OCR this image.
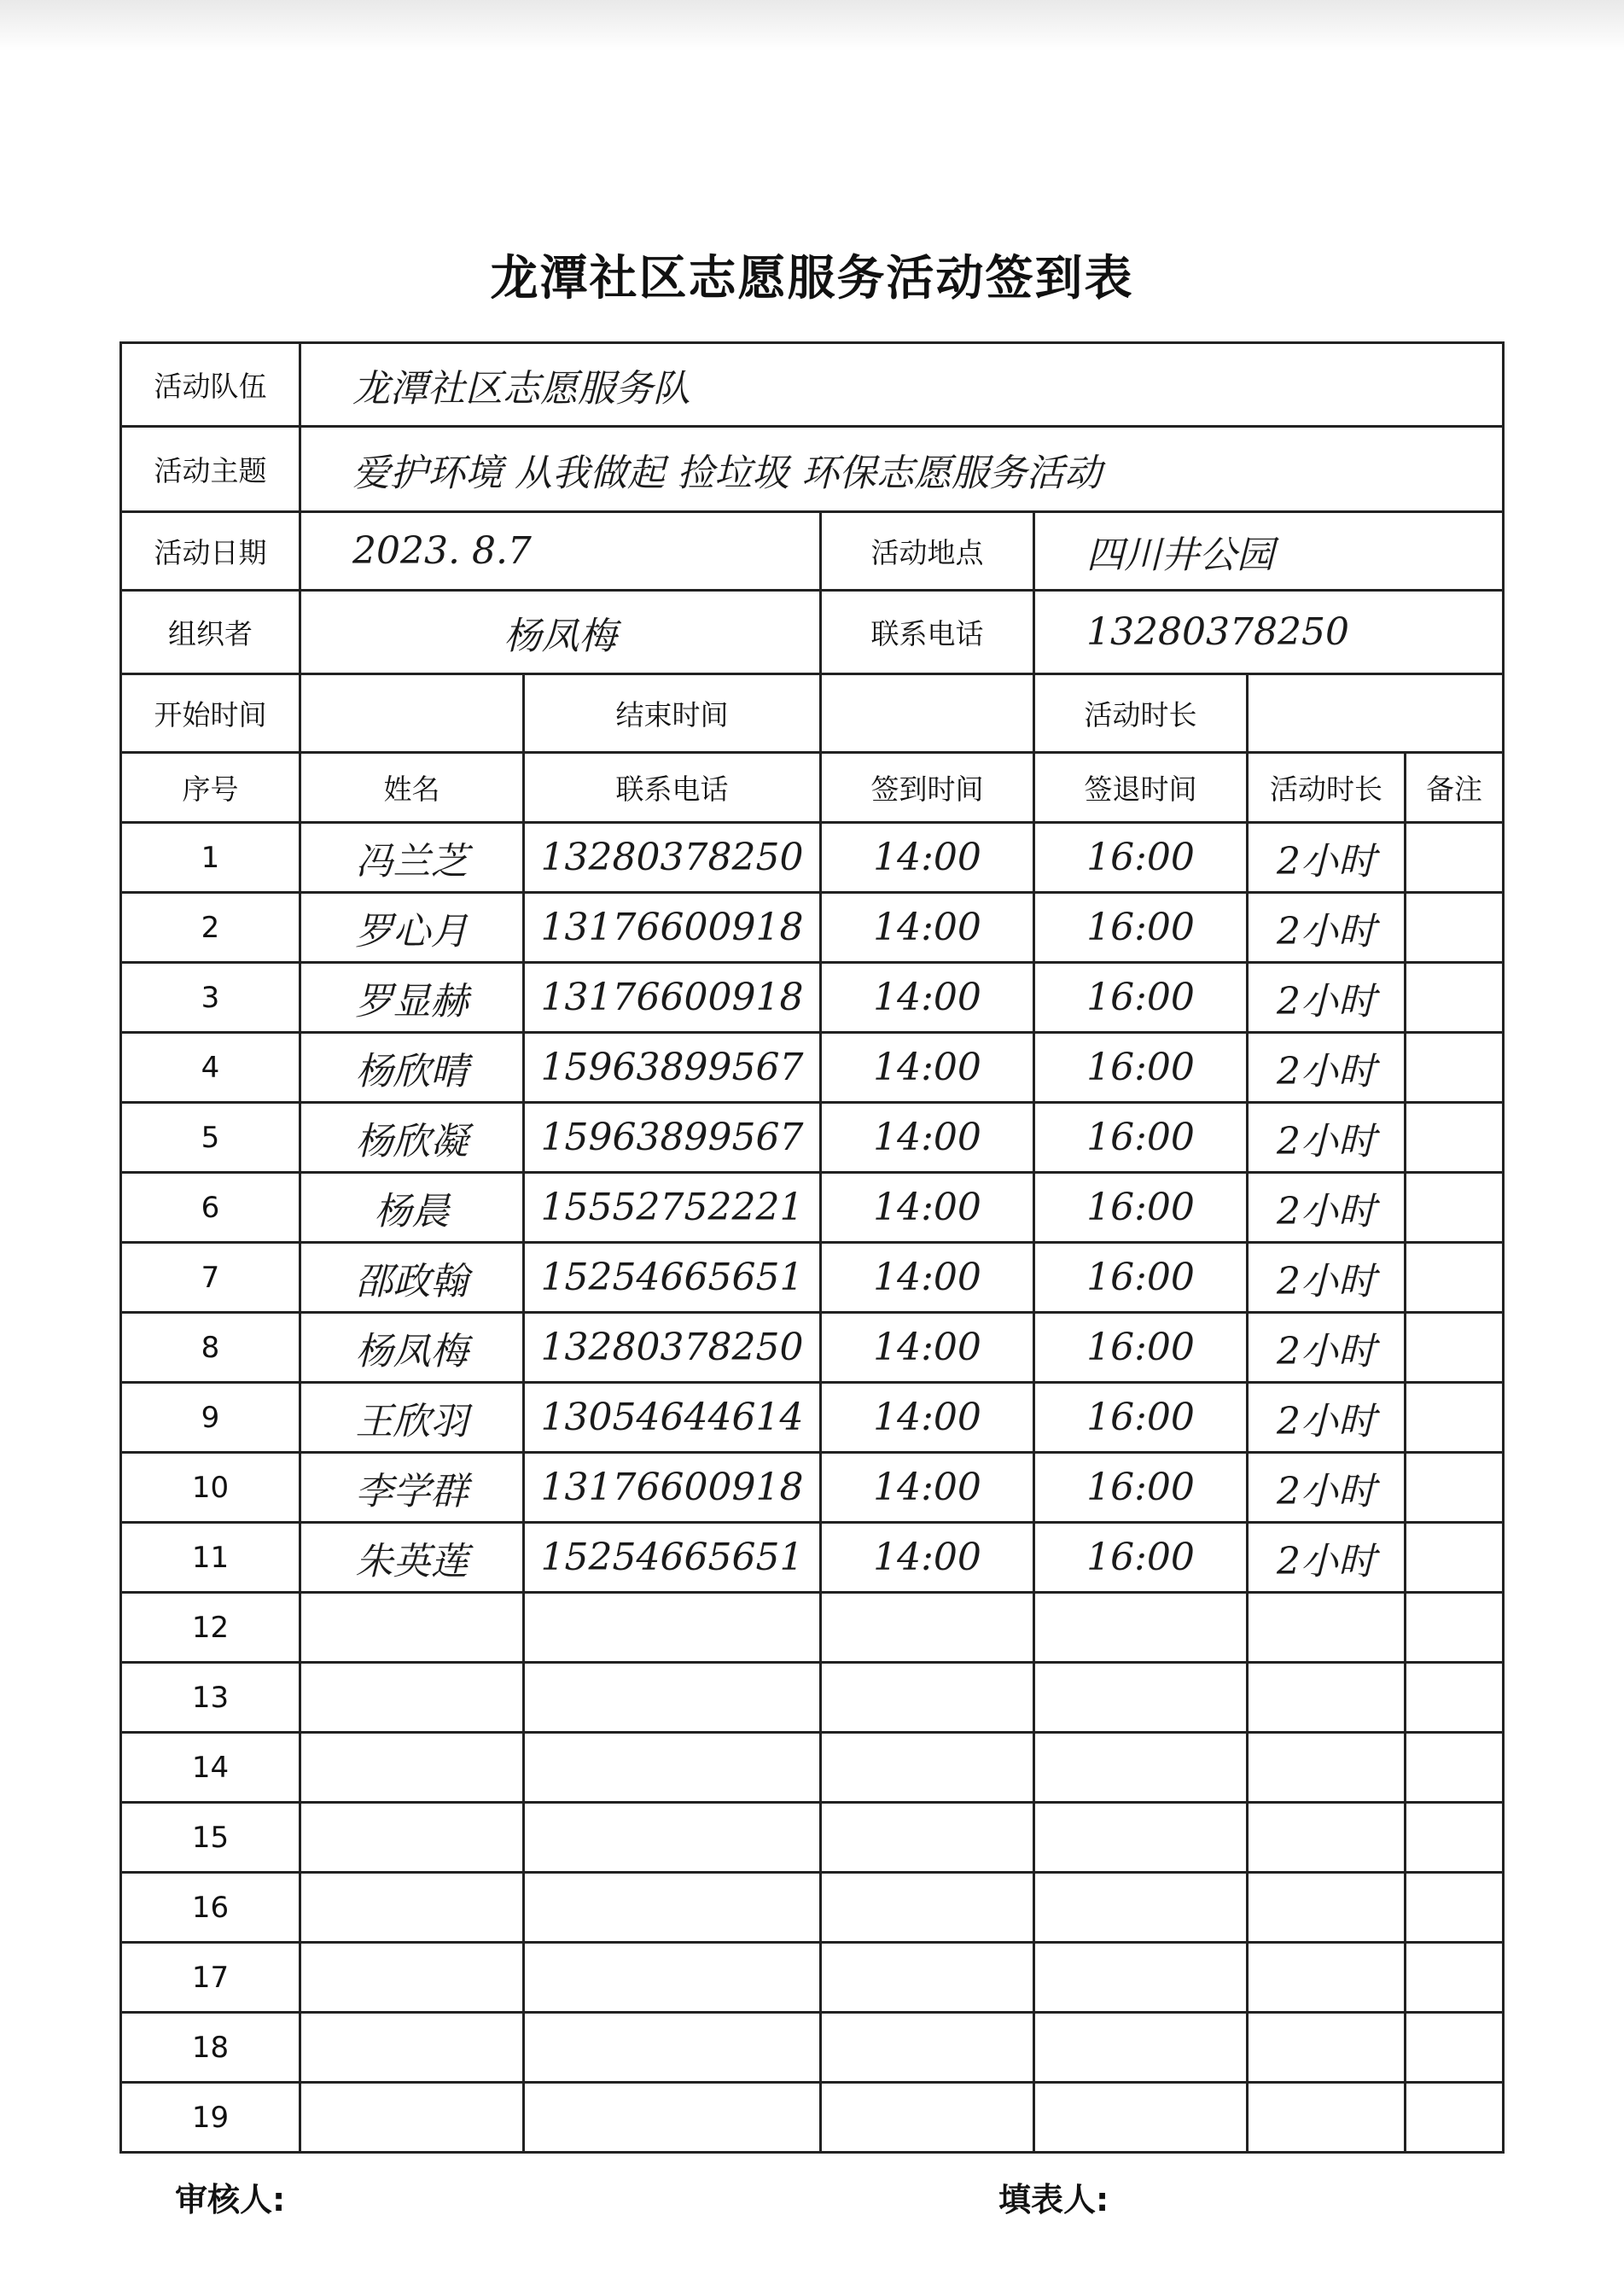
龙潭社区志愿服务活动签到表
活动队伍	龙潭社区志愿服务队					
活动主题	爱护环境 从我做起 捡垃圾 环保志愿服务活动					
活动日期	2023. 8.7		活动地点	四川井公园		
组织者	杨凤梅		联系电话	13280378250		
开始时间		结束时间		活动时长		
序号	姓名	联系电话	签到时间	签退时间	活动时长	备注
1	冯兰芝	13280378250	14:00	16:00	2小时	
2	罗心月	13176600918	14:00	16:00	2小时	
3	罗显赫	13176600918	14:00	16:00	2小时	
4	杨欣晴	15963899567	14:00	16:00	2小时	
5	杨欣凝	15963899567	14:00	16:00	2小时	
6	杨晨	15552752221	14:00	16:00	2小时	
7	邵政翰	15254665651	14:00	16:00	2小时	
8	杨凤梅	13280378250	14:00	16:00	2小时	
9	王欣羽	13054644614	14:00	16:00	2小时	
10	李学群	13176600918	14:00	16:00	2小时	
11	朱英莲	15254665651	14:00	16:00	2小时	
12						
13						
14						
15						
16						
17						
18						
19						
审核人:	填表人:
